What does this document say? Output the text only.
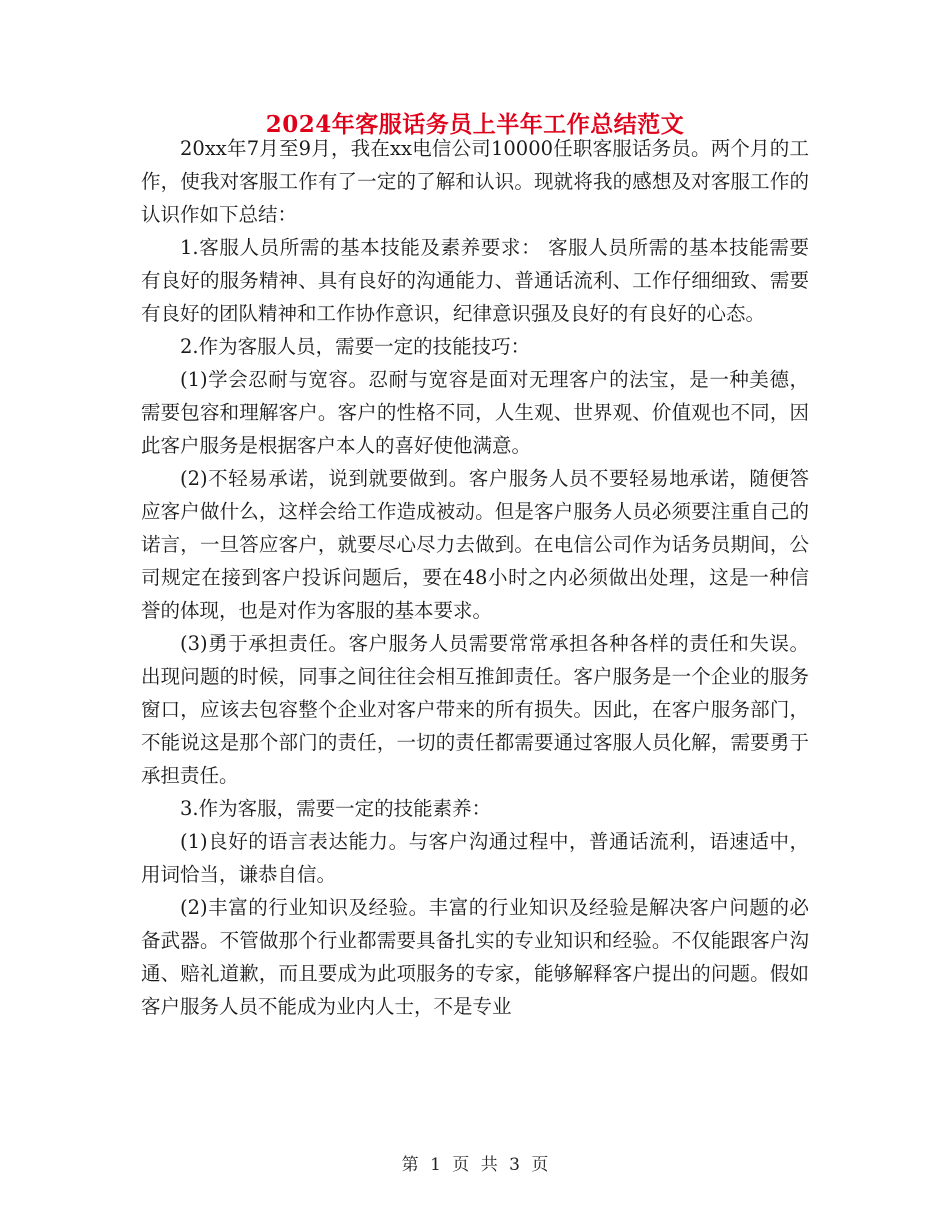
2024年客服话务员上半年工作总结范文

20xx年7月至9月，我在xx电信公司10000任职客服话务员。两个月的工作，使我对客服工作有了一定的了解和认识。现就将我的感想及对客服工作的认识作如下总结：

1.客服人员所需的基本技能及素养要求： 客服人员所需的基本技能需要有良好的服务精神、具有良好的沟通能力、普通话流利、工作仔细细致、需要有良好的团队精神和工作协作意识，纪律意识强及良好的有良好的心态。

2.作为客服人员，需要一定的技能技巧：

(1)学会忍耐与宽容。忍耐与宽容是面对无理客户的法宝，是一种美德，需要包容和理解客户。客户的性格不同，人生观、世界观、价值观也不同，因此客户服务是根据客户本人的喜好使他满意。

(2)不轻易承诺，说到就要做到。客户服务人员不要轻易地承诺，随便答应客户做什么，这样会给工作造成被动。但是客户服务人员必须要注重自己的诺言，一旦答应客户，就要尽心尽力去做到。在电信公司作为话务员期间，公司规定在接到客户投诉问题后，要在48小时之内必须做出处理，这是一种信誉的体现，也是对作为客服的基本要求。

(3)勇于承担责任。客户服务人员需要常常承担各种各样的责任和失误。出现问题的时候，同事之间往往会相互推卸责任。客户服务是一个企业的服务窗口，应该去包容整个企业对客户带来的所有损失。因此，在客户服务部门，不能说这是那个部门的责任，一切的责任都需要通过客服人员化解，需要勇于承担责任。

3.作为客服，需要一定的技能素养：

(1)良好的语言表达能力。与客户沟通过程中，普通话流利，语速适中，用词恰当，谦恭自信。

(2)丰富的行业知识及经验。丰富的行业知识及经验是解决客户问题的必备武器。不管做那个行业都需要具备扎实的专业知识和经验。不仅能跟客户沟通、赔礼道歉，而且要成为此项服务的专家，能够解释客户提出的问题。假如客户服务人员不能成为业内人士，不是专业

第 1 页 共 3 页
